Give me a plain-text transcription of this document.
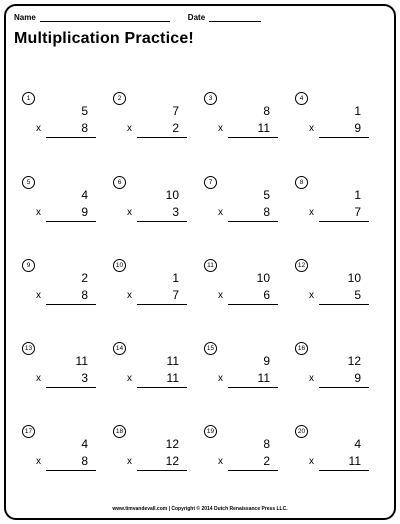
Name	Date
Multiplication Practice!
1
5
x	8
2
7
x	2
3
8
x	11
4
1
x	9
5
4
x	9
6
10
x	3
7
5
x	8
8
1
x	7
9
2
x	8
10
1
x	7
11
10
x	6
12
10
x	5
13
11
x	3
14
11
x	11
15
9
x	11
16
12
x	9
17
4
x	8
18
12
x	12
19
8
x	2
20
4
x	11
www.timvandevall.com | Copyright © 2014 Dutch Renaissance Press LLC.
